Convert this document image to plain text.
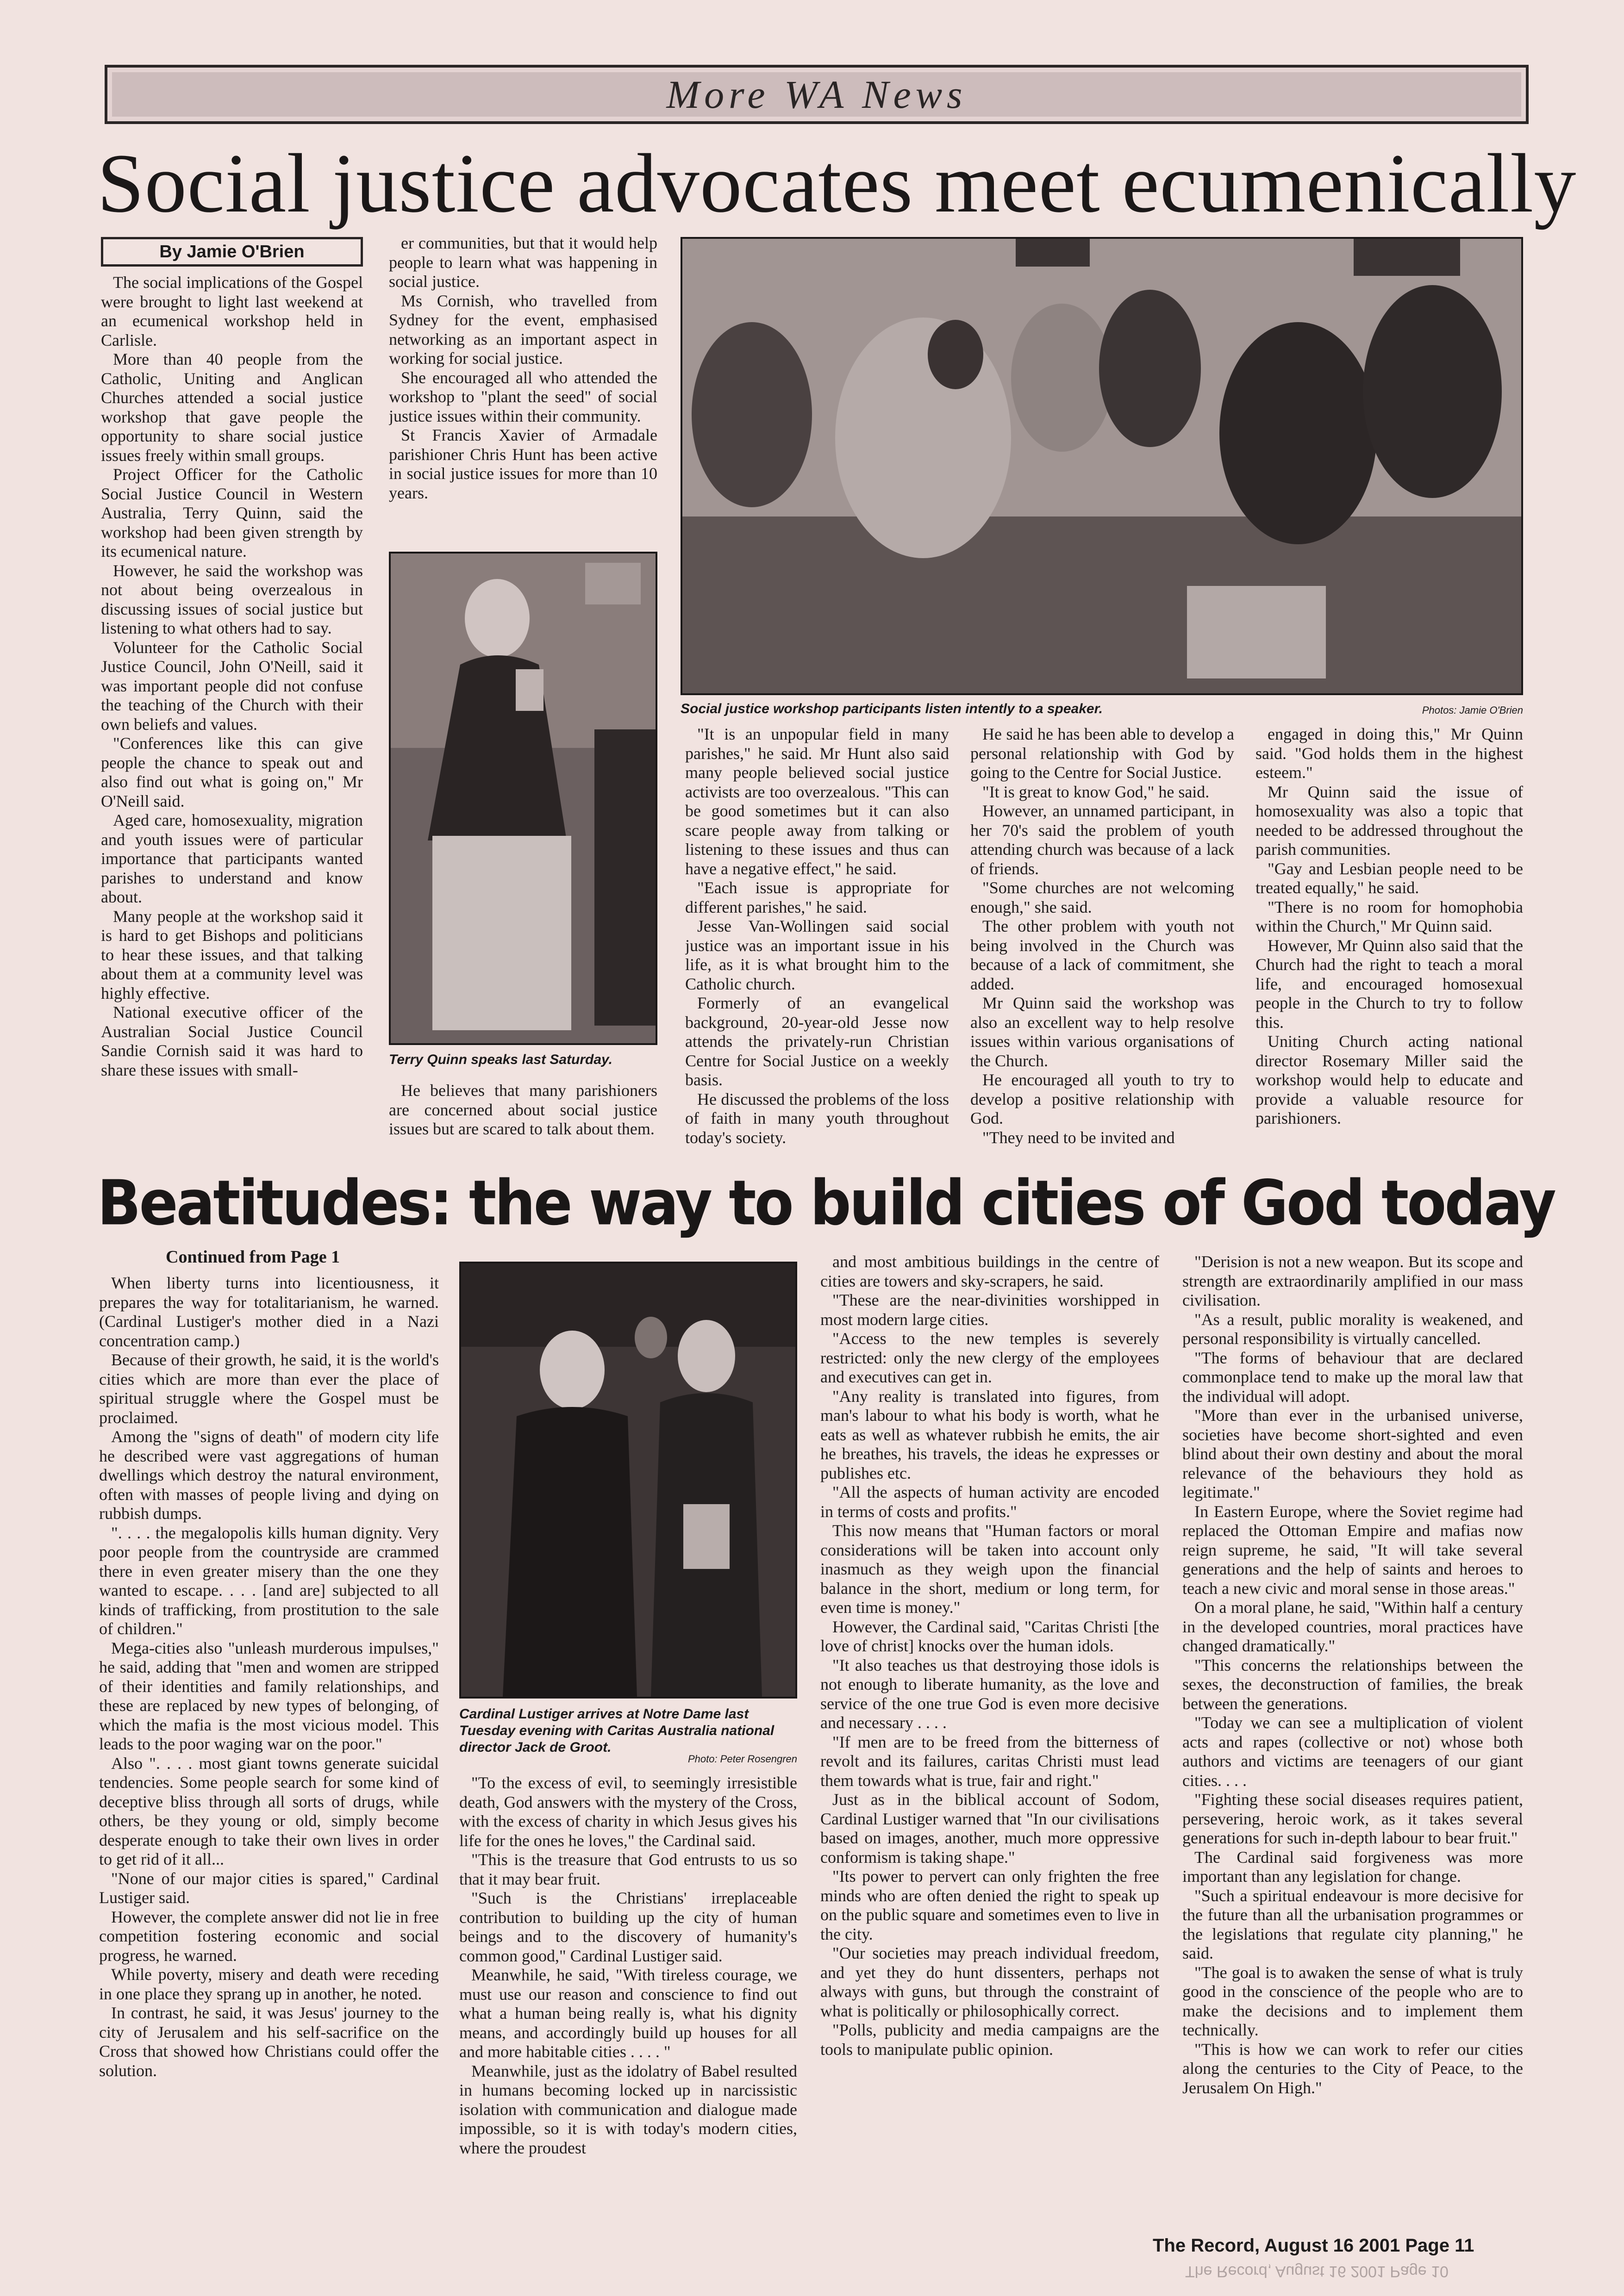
More WA News
Social justice advocates meet ecumenically
By Jamie O'Brien

The social implications of the Gospel were brought to light last weekend at an ecumenical workshop held in Carlisle.

More than 40 people from the Catholic, Uniting and Anglican Churches attended a social justice workshop that gave people the opportunity to share social justice issues freely within small groups.

Project Officer for the Catholic Social Justice Council in Western Australia, Terry Quinn, said the workshop had been given strength by its ecumenical nature.

However, he said the workshop was not about being overzealous in discussing issues of social justice but listening to what others had to say.

Volunteer for the Catholic Social Justice Council, John O'Neill, said it was important people did not confuse the teaching of the Church with their own beliefs and values.

"Conferences like this can give people the chance to speak out and also find out what is going on," Mr O'Neill said.

Aged care, homosexuality, migration and youth issues were of particular importance that participants wanted parishes to understand and know about.

Many people at the workshop said it is hard to get Bishops and politicians to hear these issues, and that talking about them at a community level was highly effective.

National executive officer of the Australian Social Justice Council Sandie Cornish said it was hard to share these issues with small-

er communities, but that it would help people to learn what was happening in social justice.

Ms Cornish, who travelled from Sydney for the event, emphasised networking as an important aspect in working for social justice.

She encouraged all who attended the workshop to "plant the seed" of social justice issues within their community.

St Francis Xavier of Armadale parishioner Chris Hunt has been active in social justice issues for more than 10 years.

Terry Quinn speaks last Saturday.

He believes that many parishioners are concerned about social justice issues but are scared to talk about them.

Social justice workshop participants listen intently to a speaker.	Photos: Jamie O'Brien

"It is an unpopular field in many parishes," he said. Mr Hunt also said many people believed social justice activists are too overzealous. "This can be good sometimes but it can also scare people away from talking or listening to these issues and thus can have a negative effect," he said.

"Each issue is appropriate for different parishes," he said.

Jesse Van-Wollingen said social justice was an important issue in his life, as it is what brought him to the Catholic church.

Formerly of an evangelical background, 20-year-old Jesse now attends the privately-run Christian Centre for Social Justice on a weekly basis.

He discussed the problems of the loss of faith in many youth throughout today's society.

He said he has been able to develop a personal relationship with God by going to the Centre for Social Justice.

"It is great to know God," he said.

However, an unnamed participant, in her 70's said the problem of youth attending church was because of a lack of friends.

"Some churches are not welcoming enough," she said.

The other problem with youth not being involved in the Church was because of a lack of commitment, she added.

Mr Quinn said the workshop was also an excellent way to help resolve issues within various organisations of the Church.

He encouraged all youth to try to develop a positive relationship with God.

"They need to be invited and

engaged in doing this," Mr Quinn said. "God holds them in the highest esteem."

Mr Quinn said the issue of homosexuality was also a topic that needed to be addressed throughout the parish communities.

"Gay and Lesbian people need to be treated equally," he said.

"There is no room for homophobia within the Church," Mr Quinn said.

However, Mr Quinn also said that the Church had the right to teach a moral life, and encouraged homosexual people in the Church to try to follow this.

Uniting Church acting national director Rosemary Miller said the workshop would help to educate and provide a valuable resource for parishioners.

Beatitudes: the way to build cities of God today
Continued from Page 1

When liberty turns into licentiousness, it prepares the way for totalitarianism, he warned. (Cardinal Lustiger's mother died in a Nazi concentration camp.)

Because of their growth, he said, it is the world's cities which are more than ever the place of spiritual struggle where the Gospel must be proclaimed.

Among the "signs of death" of modern city life he described were vast aggregations of human dwellings which destroy the natural environment, often with masses of people living and dying on rubbish dumps.

". . . . the megalopolis kills human dignity. Very poor people from the countryside are crammed there in even greater misery than the one they wanted to escape. . . . [and are] subjected to all kinds of trafficking, from prostitution to the sale of children."

Mega-cities also "unleash murderous impulses," he said, adding that "men and women are stripped of their identities and family relationships, and these are replaced by new types of belonging, of which the mafia is the most vicious model. This leads to the poor waging war on the poor."

Also ". . . . most giant towns generate suicidal tendencies. Some people search for some kind of deceptive bliss through all sorts of drugs, while others, be they young or old, simply become desperate enough to take their own lives in order to get rid of it all...

"None of our major cities is spared," Cardinal Lustiger said.

However, the complete answer did not lie in free competition fostering economic and social progress, he warned.

While poverty, misery and death were receding in one place they sprang up in another, he noted.

In contrast, he said, it was Jesus' journey to the city of Jerusalem and his self-sacrifice on the Cross that showed how Christians could offer the solution.

Cardinal Lustiger arrives at Notre Dame last Tuesday evening with Caritas Australia national director Jack de Groot.
Photo: Peter Rosengren

"To the excess of evil, to seemingly irresistible death, God answers with the mystery of the Cross, with the excess of charity in which Jesus gives his life for the ones he loves," the Cardinal said.

"This is the treasure that God entrusts to us so that it may bear fruit.

"Such is the Christians' irreplaceable contribution to building up the city of human beings and to the discovery of humanity's common good," Cardinal Lustiger said.

Meanwhile, he said, "With tireless courage, we must use our reason and conscience to find out what a human being really is, what his dignity means, and accordingly build up houses for all and more habitable cities . . . . "

Meanwhile, just as the idolatry of Babel resulted in humans becoming locked up in narcissistic isolation with communication and dialogue made impossible, so it is with today's modern cities, where the proudest

and most ambitious buildings in the centre of cities are towers and sky-scrapers, he said.

"These are the near-divinities worshipped in most modern large cities.

"Access to the new temples is severely restricted: only the new clergy of the employees and executives can get in.

"Any reality is translated into figures, from man's labour to what his body is worth, what he eats as well as whatever rubbish he emits, the air he breathes, his travels, the ideas he expresses or publishes etc.

"All the aspects of human activity are encoded in terms of costs and profits."

This now means that "Human factors or moral considerations will be taken into account only inasmuch as they weigh upon the financial balance in the short, medium or long term, for even time is money."

However, the Cardinal said, "Caritas Christi [the love of christ] knocks over the human idols.

"It also teaches us that destroying those idols is not enough to liberate humanity, as the love and service of the one true God is even more decisive and necessary . . . .

"If men are to be freed from the bitterness of revolt and its failures, caritas Christi must lead them towards what is true, fair and right."

Just as in the biblical account of Sodom, Cardinal Lustiger warned that "In our civilisations based on images, another, much more oppressive conformism is taking shape."

"Its power to pervert can only frighten the free minds who are often denied the right to speak up on the public square and sometimes even to live in the city.

"Our societies may preach individual freedom, and yet they do hunt dissenters, perhaps not always with guns, but through the constraint of what is politically or philosophically correct.

"Polls, publicity and media campaigns are the tools to manipulate public opinion.

"Derision is not a new weapon. But its scope and strength are extraordinarily amplified in our mass civilisation.

"As a result, public morality is weakened, and personal responsibility is virtually cancelled.

"The forms of behaviour that are declared commonplace tend to make up the moral law that the individual will adopt.

"More than ever in the urbanised universe, societies have become short-sighted and even blind about their own destiny and about the moral relevance of the behaviours they hold as legitimate."

In Eastern Europe, where the Soviet regime had replaced the Ottoman Empire and mafias now reign supreme, he said, "It will take several generations and the help of saints and heroes to teach a new civic and moral sense in those areas."

On a moral plane, he said, "Within half a century in the developed countries, moral practices have changed dramatically."

"This concerns the relationships between the sexes, the deconstruction of families, the break between the generations.

"Today we can see a multiplication of violent acts and rapes (collective or not) whose both authors and victims are teenagers of our giant cities. . . .

"Fighting these social diseases requires patient, persevering, heroic work, as it takes several generations for such in-depth labour to bear fruit."

The Cardinal said forgiveness was more important than any legislation for change.

"Such a spiritual endeavour is more decisive for the future than all the urbanisation programmes or the legislations that regulate city planning," he said.

"The goal is to awaken the sense of what is truly good in the conscience of the people who are to make the decisions and to implement them technically.

"This is how we can work to refer our cities along the centuries to the City of Peace, to the Jerusalem On High."

The Record, August 16 2001 Page 11
The Record, August 16 2001 Page 10
